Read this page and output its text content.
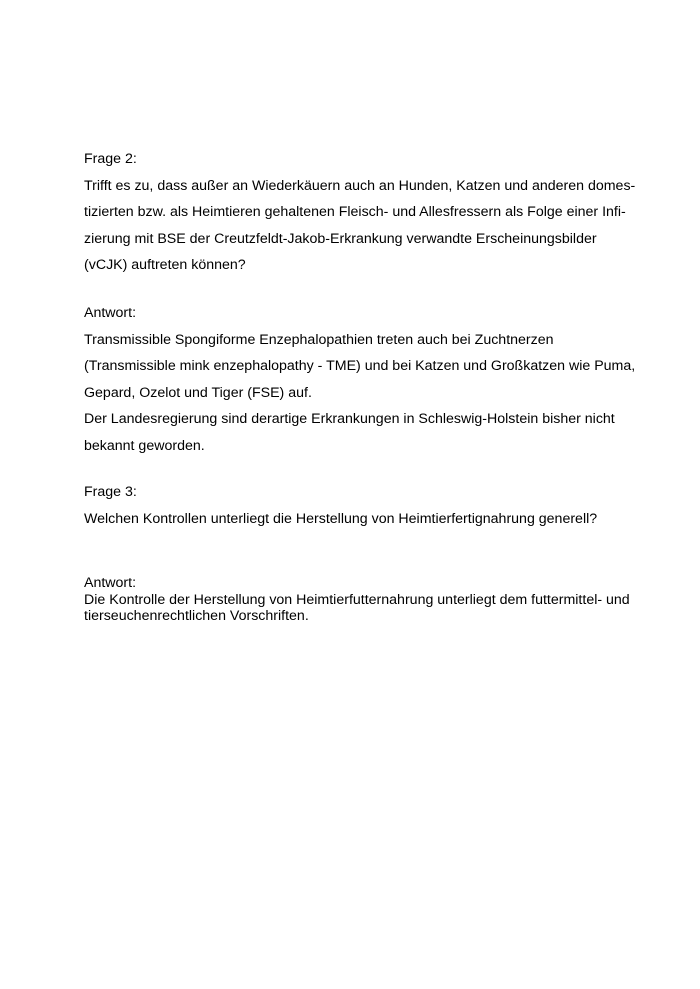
Frage 2:
Trifft es zu, dass außer an Wiederkäuern auch an Hunden, Katzen und anderen domes-
tizierten bzw. als Heimtieren gehaltenen Fleisch- und Allesfressern als Folge einer Infi-
zierung mit BSE der Creutzfeldt-Jakob-Erkrankung verwandte Erscheinungsbilder
(vCJK) auftreten können?
Antwort:
Transmissible Spongiforme Enzephalopathien treten auch bei Zuchtnerzen
(Transmissible mink enzephalopathy - TME) und bei Katzen und Großkatzen wie Puma,
Gepard, Ozelot und Tiger (FSE) auf.
Der Landesregierung sind derartige Erkrankungen in Schleswig-Holstein bisher nicht
bekannt geworden.
Frage 3:
Welchen Kontrollen unterliegt die Herstellung von Heimtierfertignahrung generell?
Antwort:
Die Kontrolle der Herstellung von Heimtierfutternahrung unterliegt dem futtermittel- und
tierseuchenrechtlichen Vorschriften.
